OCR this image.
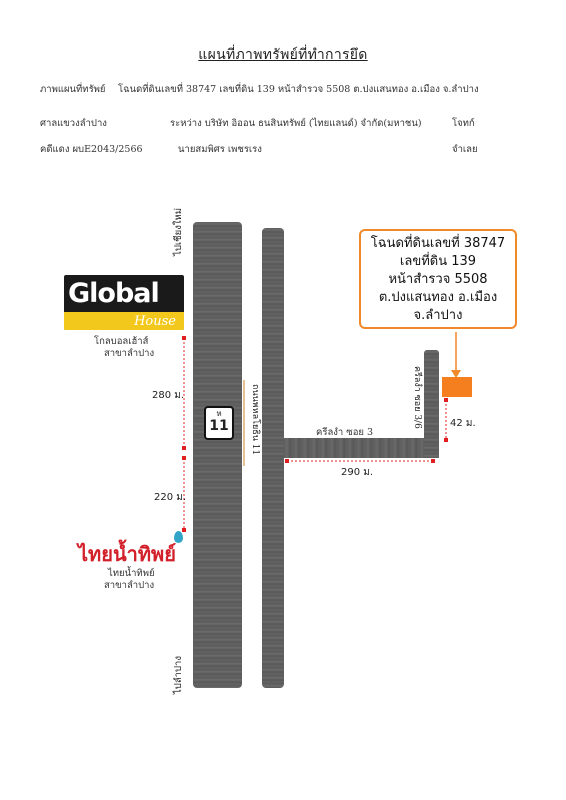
แผนที่ภาพทรัพย์ที่ทำการยึด
ภาพแผนที่ทรัพย์ โฉนดที่ดินเลขที่ 38747 เลขที่ดิน 139 หน้าสำรวจ 5508 ต.ปงแสนทอง อ.เมือง จ.ลำปาง
ศาลแขวงลำปาง	ระหว่าง บริษัท อิออน ธนสินทรัพย์ (ไทยแลนด์) จำกัด(มหาชน)	โจทก์
คดีแดง ผบE2043/2566	นายสมพิศร เพชรเรง	จำเลย
ห
11
ไปเชียงใหม่
ไปลำปาง
ถนนพหลโยธิน 11	ครีลงำ ซอย 3/6
ครีลงำ ซอย 3
280 ม.
220 ม.
290 ม.
42 ม.
โฉนดที่ดินเลขที่ 38747
เลขที่ดิน 139
หน้าสำรวจ 5508
ต.ปงแสนทอง อ.เมือง
จ.ลำปาง
Global
House
โกลบอลเฮ้าส์
สาขาลำปาง
ไทยน้ำทิพย์
ไทยน้ำทิพย์
สาขาลำปาง
